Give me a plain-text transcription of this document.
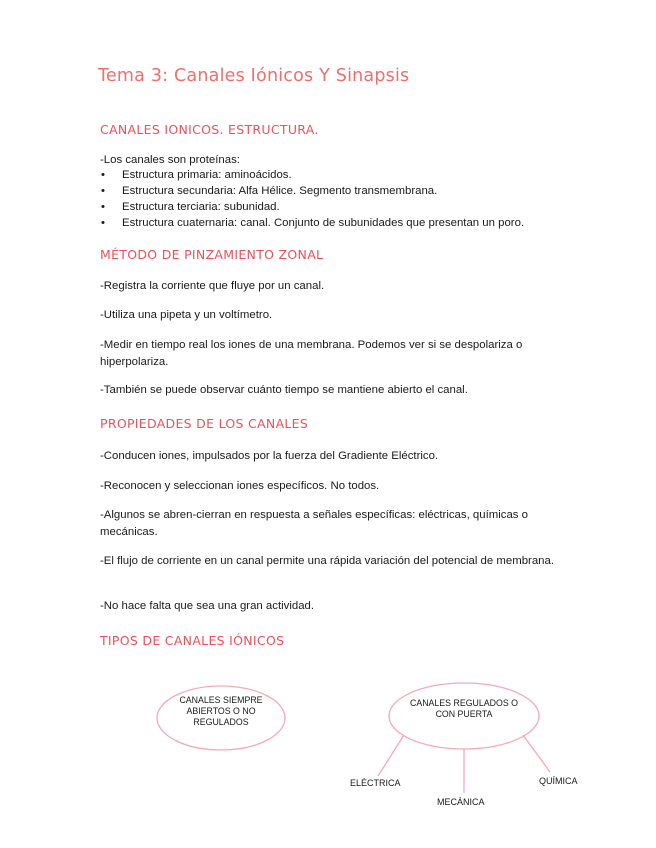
Tema 3: Canales Iónicos Y Sinapsis
CANALES IONICOS. ESTRUCTURA.

-Los canales son proteínas:

• Estructura primaria: aminoácidos.
• Estructura secundaria: Alfa Hélice. Segmento transmembrana.
• Estructura terciaria: subunidad.
• Estructura cuaternaria: canal. Conjunto de subunidades que presentan un poro.
MÉTODO DE PINZAMIENTO ZONAL

-Registra la corriente que fluye por un canal.

-Utiliza una pipeta y un voltímetro.

-Medir en tiempo real los iones de una membrana. Podemos ver si se despolariza o hiperpolariza.

-También se puede observar cuánto tiempo se mantiene abierto el canal.

PROPIEDADES DE LOS CANALES

-Conducen iones, impulsados por la fuerza del Gradiente Eléctrico.

-Reconocen y seleccionan iones específicos. No todos.

-Algunos se abren-cierran en respuesta a señales específicas: eléctricas, químicas o mecánicas.

-El flujo de corriente en un canal permite una rápida variación del potencial de membrana.

-No hace falta que sea una gran actividad.

TIPOS DE CANALES IÓNICOS
CANALES SIEMPRE ABIERTOS O NO REGULADOS
CANALES REGULADOS O CON PUERTA
ELÉCTRICA
MECÁNICA
QUÍMICA
